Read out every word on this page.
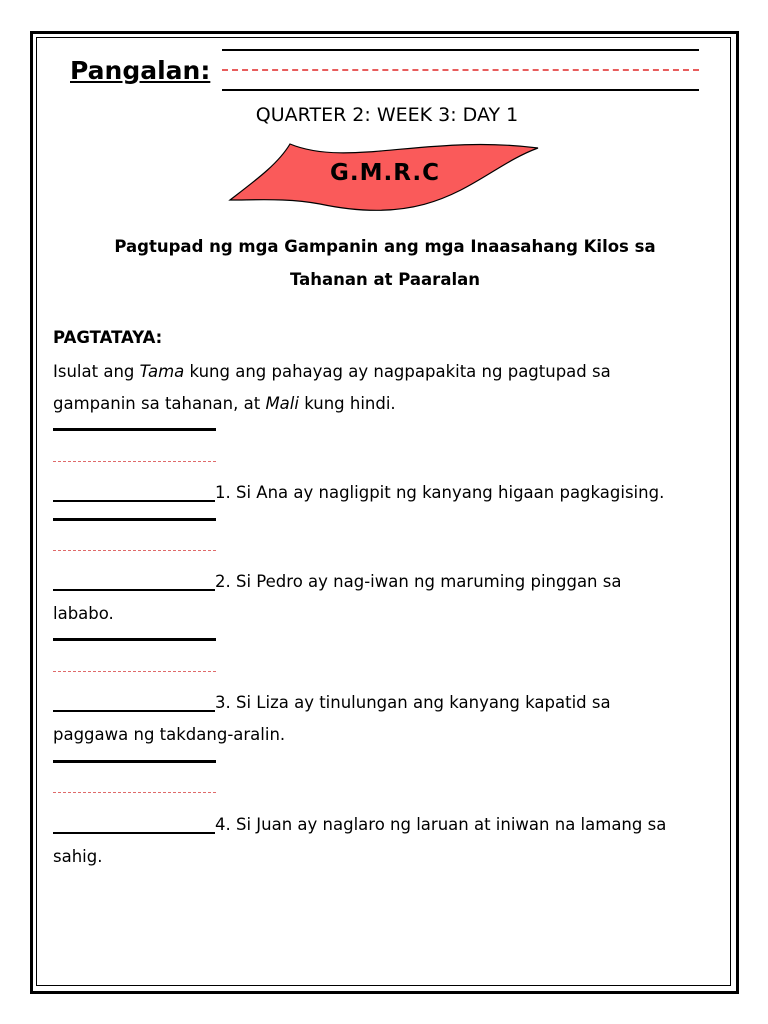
Pangalan:
QUARTER 2: WEEK 3: DAY 1
G.M.R.C
Pagtupad ng mga Gampanin ang mga Inaasahang Kilos sa
Tahanan at Paaralan
PAGTATAYA:
Isulat ang Tama kung ang pahayag ay nagpapakita ng pagtupad sa
gampanin sa tahanan, at Mali kung hindi.
1. Si Ana ay nagligpit ng kanyang higaan pagkagising.
2. Si Pedro ay nag-iwan ng maruming pinggan sa
lababo.
3. Si Liza ay tinulungan ang kanyang kapatid sa
paggawa ng takdang-aralin.
4. Si Juan ay naglaro ng laruan at iniwan na lamang sa
sahig.
